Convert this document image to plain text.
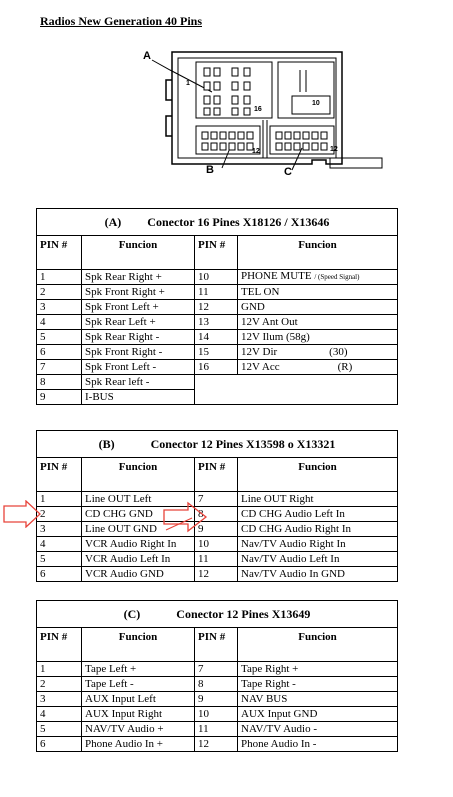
Radios New Generation 40 Pins
A
B	C
1
16
10
12	12
(A) Conector 16 Pines X18126 / X13646			
PIN #	Funcion	PIN #	Funcion
1	Spk Rear Right +	10	PHONE MUTE / (Speed Signal)
2	Spk Front Right +	11	TEL ON
3	Spk Front Left +	12	GND
4	Spk Rear Left +	13	12V Ant Out
5	Spk Rear Right -	14	12V Ilum (58g)
6	Spk Front Right -	15	12V Dir (30)
7	Spk Front Left -	16	12V Acc (R)
8	Spk Rear left -		
9	I-BUS		
(B) Conector 12 Pines X13598 o X13321			
PIN #	Funcion	PIN #	Funcion
1	Line OUT Left	7	Line OUT Right
2	CD CHG GND	8	CD CHG Audio Left In
3	Line OUT GND	9	CD CHG Audio Right In
4	VCR Audio Right In	10	Nav/TV Audio Right In
5	VCR Audio Left In	11	Nav/TV Audio Left In
6	VCR Audio GND	12	Nav/TV Audio In GND
(C) Conector 12 Pines X13649			
PIN #	Funcion	PIN #	Funcion
1	Tape Left +	7	Tape Right +
2	Tape Left -	8	Tape Right -
3	AUX Input Left	9	NAV BUS
4	AUX Input Right	10	AUX Input GND
5	NAV/TV Audio +	11	NAV/TV Audio -
6	Phone Audio In +	12	Phone Audio In -
